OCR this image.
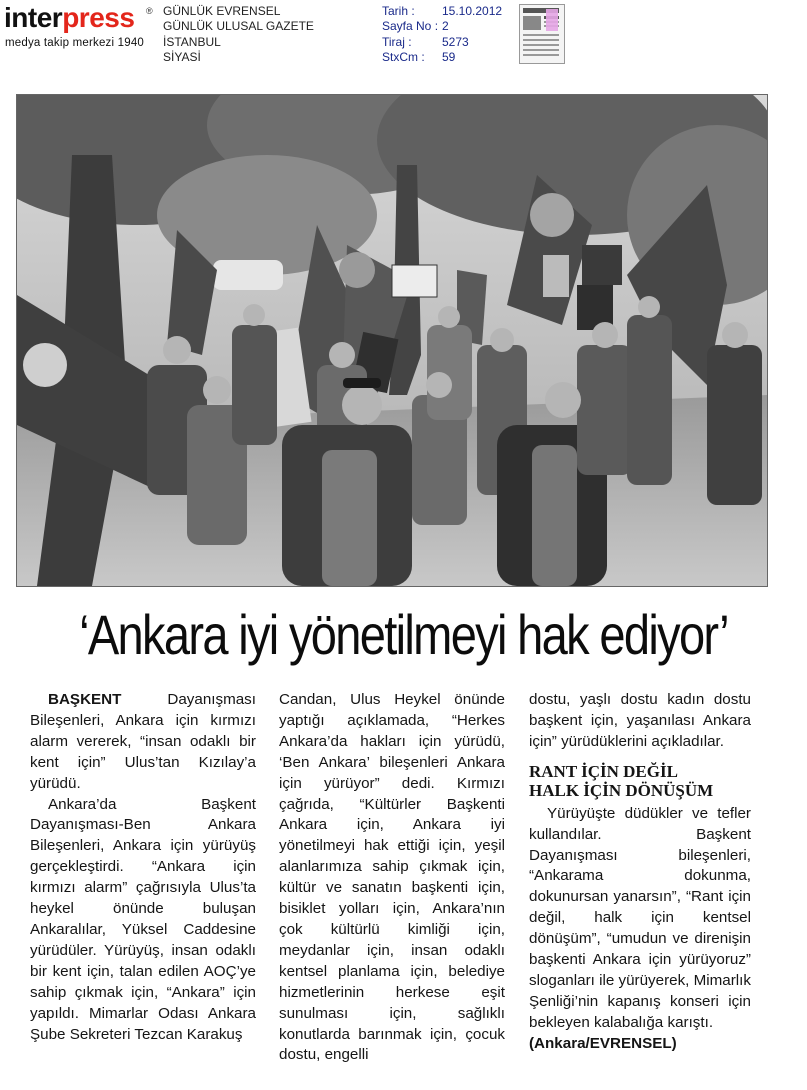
interpress ®
medya takip merkezi 1940
GÜNLÜK EVRENSEL
GÜNLÜK ULUSAL GAZETE
İSTANBUL
SİYASİ
Tarih : 15.10.2012
Sayfa No : 2
Tiraj :	5273
StxCm : 59
‘Ankara iyi yönetilmeyi hak ediyor’

BAŞKENT Dayanışması Bileşenleri, Ankara için kırmızı alarm vererek, “insan odaklı bir kent için” Ulus’tan Kızılay’a yürüdü.

Ankara’da Başkent Dayanışması-Ben Ankara Bileşenleri, Ankara için yürüyüş gerçekleştirdi. “Ankara için kırmızı alarm” çağrısıyla Ulus’ta heykel önünde buluşan Ankaralılar, Yüksel Caddesine yürüdüler. Yürüyüş, insan odaklı bir kent için, talan edilen AOÇ’ye sahip çıkmak için, “Ankara” için yapıldı. Mimarlar Odası Ankara Şube Sekreteri Tezcan Karakuş

Candan, Ulus Heykel önünde yaptığı açıklamada, “Herkes Ankara’da hakları için yürüdü, ‘Ben Ankara’ bileşenleri Ankara için yürüyor” dedi. Kırmızı çağrıda, “Kültürler Başkenti Ankara için, Ankara iyi yönetilmeyi hak ettiği için, yeşil alanlarımıza sahip çıkmak için, kültür ve sanatın başkenti için, bisiklet yolları için, Ankara’nın çok kültürlü kimliği için, meydanlar için, insan odaklı kentsel planlama için, belediye hizmetlerinin herkese eşit sunulması için, sağlıklı konutlarda barınmak için, çocuk dostu, engelli

dostu, yaşlı dostu kadın dostu başkent için, yaşanılası Ankara için” yürüdüklerini açıkladılar.

RANT İÇİN DEĞİL
HALK İÇİN DÖNÜŞÜM

Yürüyüşte düdükler ve tefler kullandılar. Başkent Dayanışması bileşenleri, “Ankarama dokunma, dokunursan yanarsın”, “Rant için değil, halk için kentsel dönüşüm”, “umudun ve direnişin başkenti Ankara için yürüyoruz” sloganları ile yürüyerek, Mimarlık Şenliği’nin kapanış konseri için bekleyen kalabalığa karıştı.

(Ankara/EVRENSEL)
